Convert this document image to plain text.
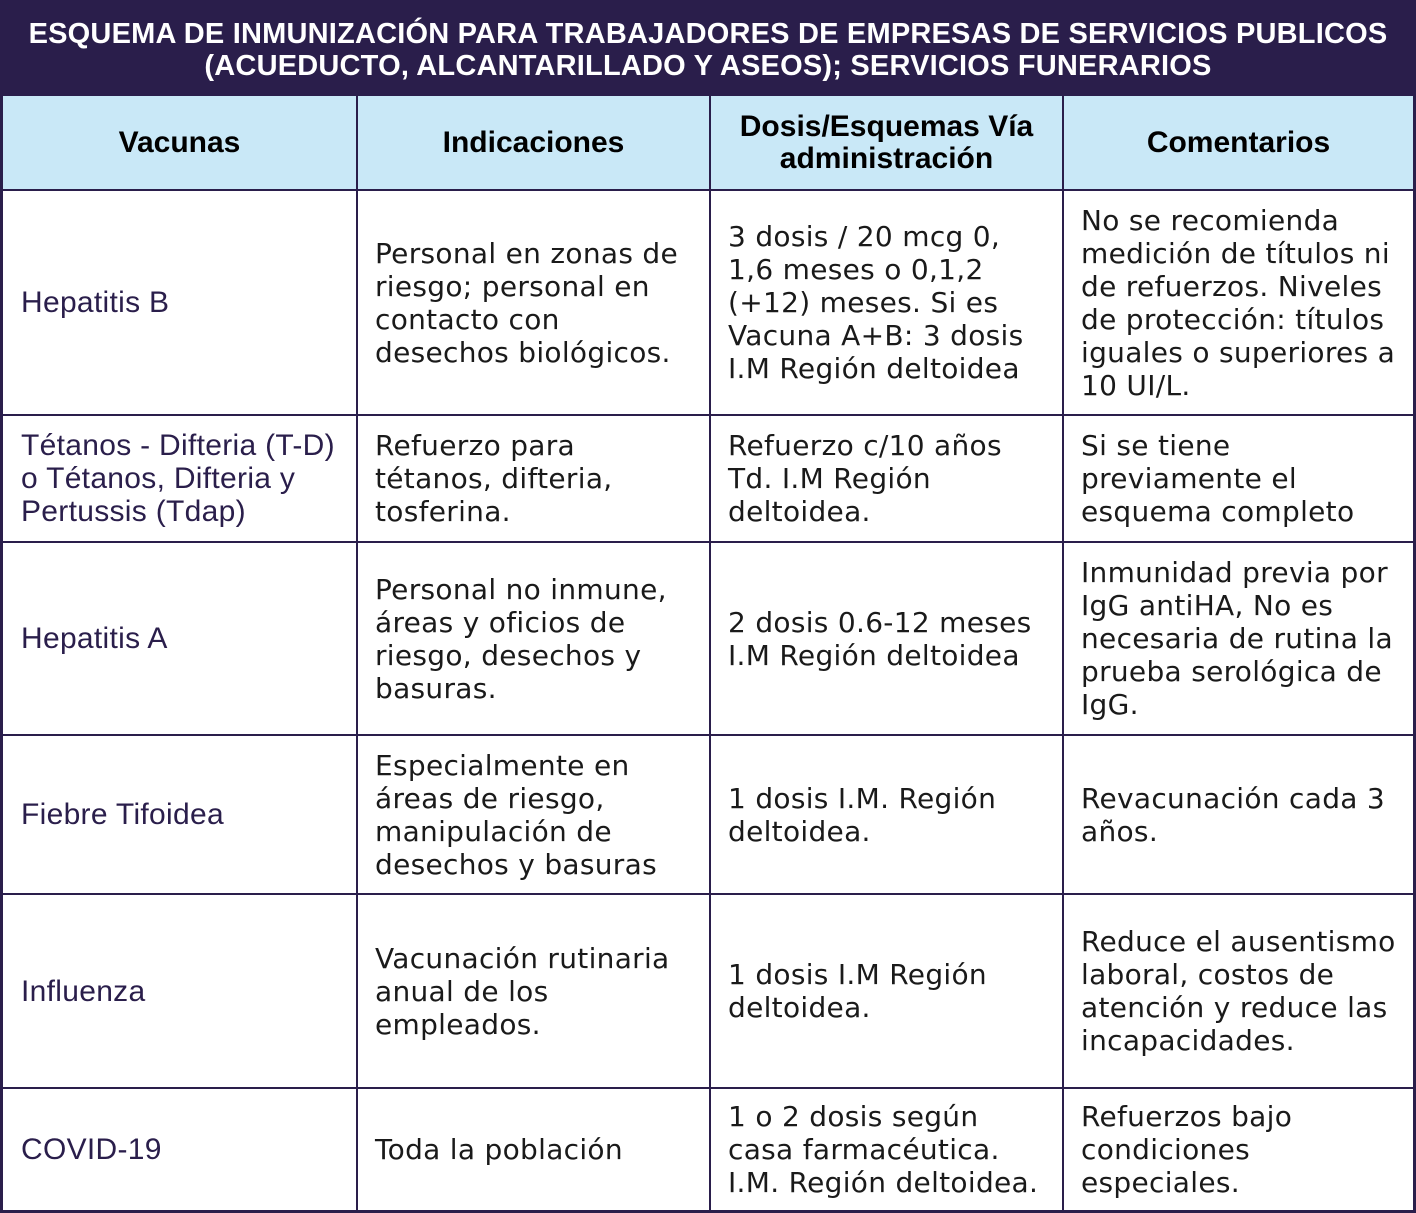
ESQUEMA DE INMUNIZACIÓN PARA TRABAJADORES DE EMPRESAS DE SERVICIOS PUBLICOS
(ACUEDUCTO, ALCANTARILLADO Y ASEOS); SERVICIOS FUNERARIOS
Vacunas	Indicaciones	Dosis/Esquemas Vía administración	Comentarios
Hepatitis B	Personal en zonas de riesgo; personal en contacto con desechos biológicos.	3 dosis / 20 mcg 0, 1,6 meses o 0,1,2 (+12) meses. Si es Vacuna A+B: 3 dosis I.M Región deltoidea	No se recomienda medición de títulos ni de refuerzos. Niveles de protección: títulos iguales o superiores a 10 UI/L.
Tétanos - Difteria (T-D) o Tétanos, Difteria y Pertussis (Tdap)	Refuerzo para tétanos, difteria, tosferina.	Refuerzo c/10 años Td. I.M Región deltoidea.	Si se tiene previamente el esquema completo
Hepatitis A	Personal no inmune, áreas y oficios de riesgo, desechos y basuras.	2 dosis 0.6-12 meses I.M Región deltoidea	Inmunidad previa por IgG antiHA, No es necesaria de rutina la prueba serológica de IgG.
Fiebre Tifoidea	Especialmente en áreas de riesgo, manipulación de desechos y basuras	1 dosis I.M. Región deltoidea.	Revacunación cada 3 años.
Influenza	Vacunación rutinaria anual de los empleados.	1 dosis I.M Región deltoidea.	Reduce el ausentismo laboral, costos de atención y reduce las incapacidades.
COVID-19	Toda la población	1 o 2 dosis según casa farmacéutica. I.M. Región deltoidea.	Refuerzos bajo condiciones especiales.
